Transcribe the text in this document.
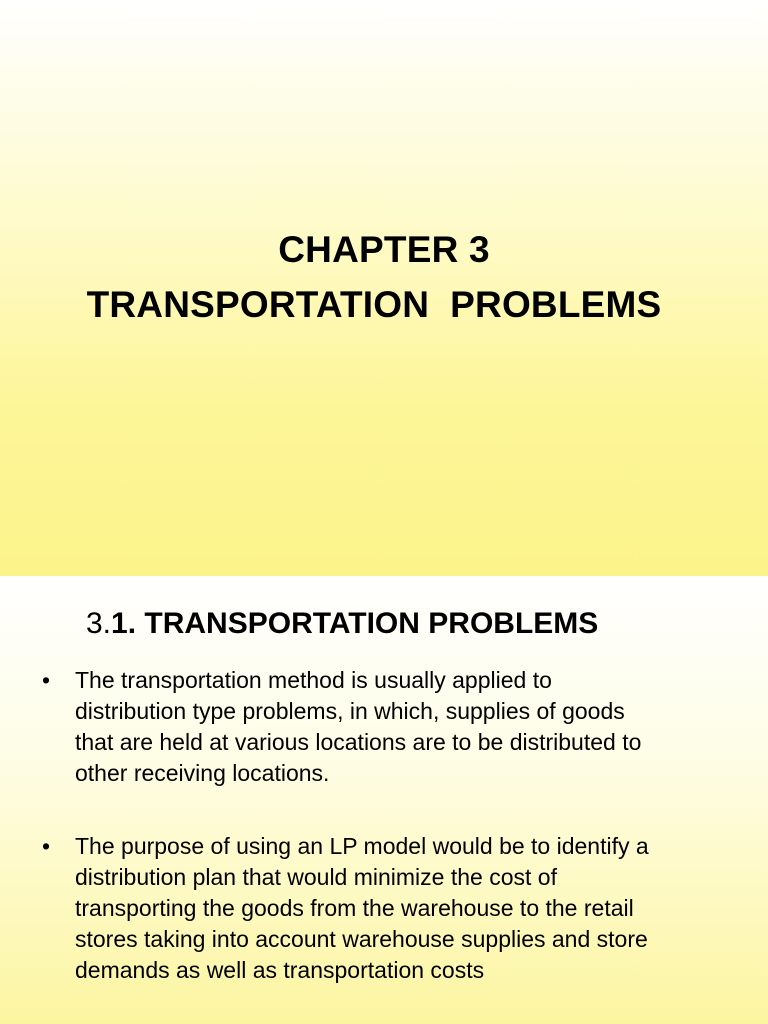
CHAPTER 3
TRANSPORTATION  PROBLEMS
3.1. TRANSPORTATION PROBLEMS
• The transportation method is usually applied to
distribution type problems, in which, supplies of goods
that are held at various locations are to be distributed to
other receiving locations.
• The purpose of using an LP model would be to identify a
distribution plan that would minimize the cost of
transporting the goods from the warehouse to the retail
stores taking into account warehouse supplies and store
demands as well as transportation costs
